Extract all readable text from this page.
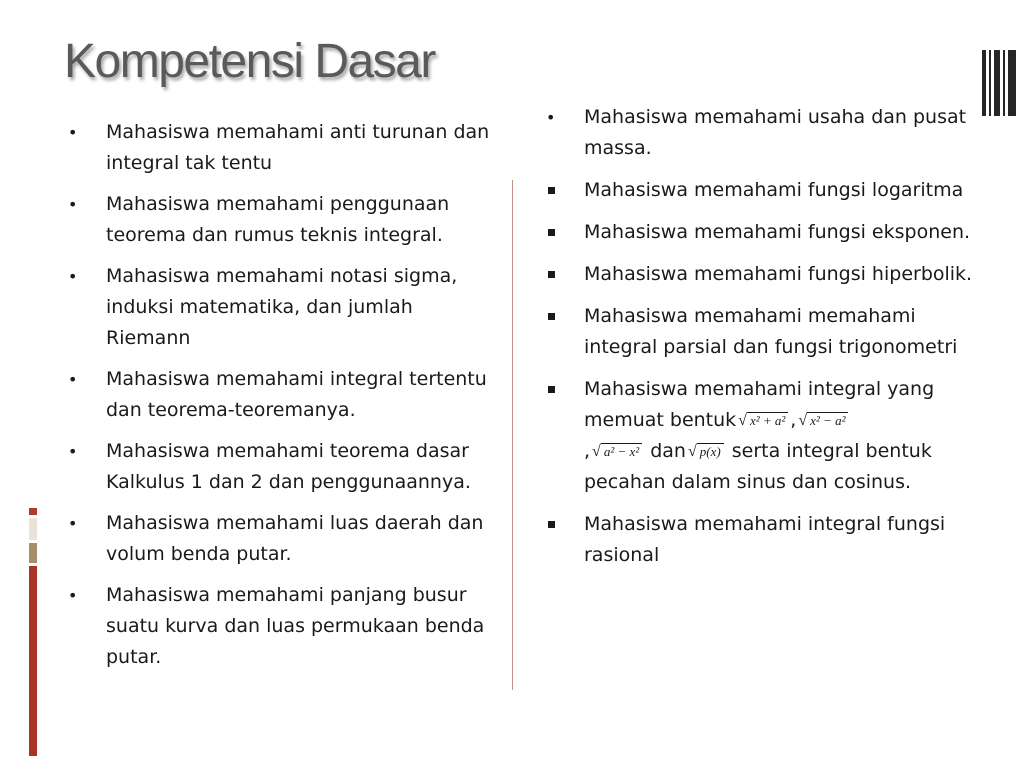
Kompetensi Dasar
• Mahasiswa memahami anti turunan dan integral tak tentu
• Mahasiswa memahami penggunaan teorema dan rumus teknis integral.
• Mahasiswa memahami notasi sigma, induksi matematika, dan jumlah Riemann
• Mahasiswa memahami integral tertentu dan teorema-teoremanya.
• Mahasiswa memahami teorema dasar Kalkulus 1 dan 2 dan penggunaannya.
• Mahasiswa memahami luas daerah dan volum benda putar.
• Mahasiswa memahami panjang busur suatu kurva dan luas permukaan benda putar.
• Mahasiswa memahami usaha dan pusat massa.
Mahasiswa memahami fungsi logaritma
Mahasiswa memahami fungsi eksponen.
Mahasiswa memahami fungsi hiperbolik.
Mahasiswa memahami memahami integral parsial dan fungsi trigonometri
Mahasiswa memahami integral yang memuat bentuk √ x² + a² , √ x² − a²

, √ a² − x² dan √ p(x) serta integral bentuk pecahan dalam sinus dan cosinus.
Mahasiswa memahami integral fungsi rasional
